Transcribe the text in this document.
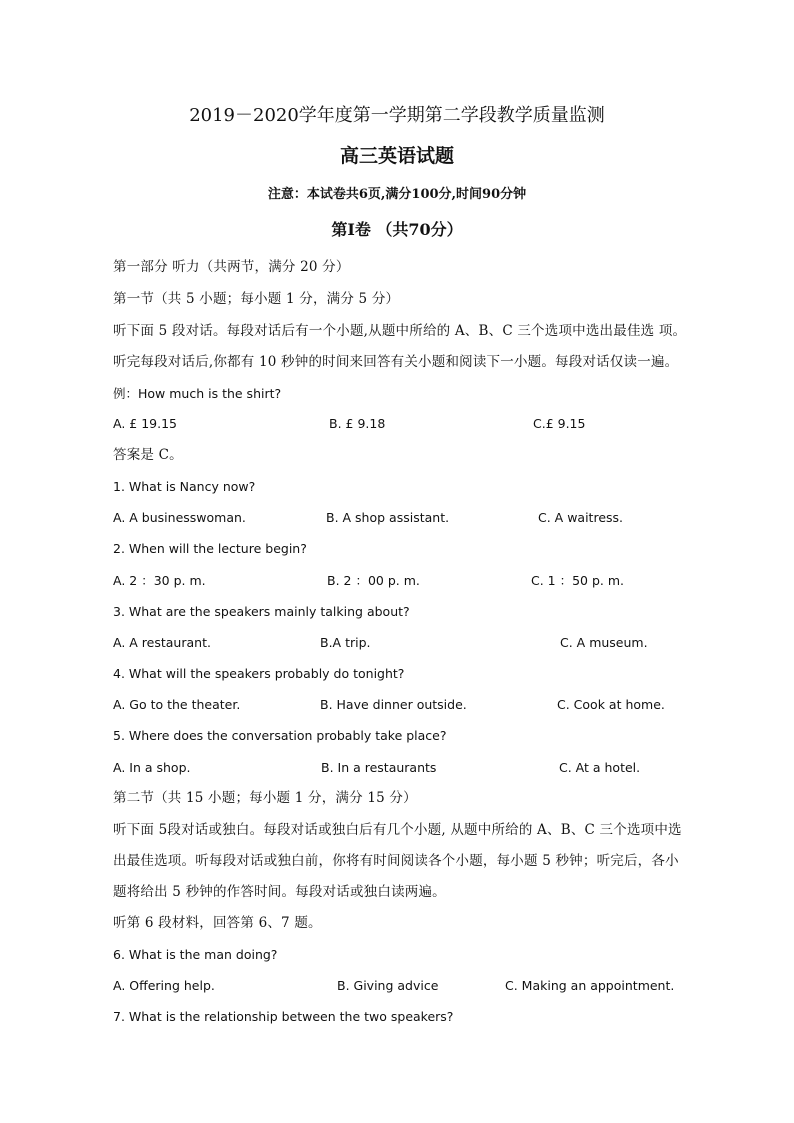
2019－2020学年度第一学期第二学段教学质量监测
高三英语试题
注意：本试卷共6页,满分100分,时间90分钟
第Ⅰ卷 （共70分）
第一部分 听力（共两节，满分 20 分）
第一节（共 5 小题；每小题 1 分，满分 5 分）
听下面 5 段对话。每段对话后有一个小题,从题中所给的 A、B、C 三个选项中选出最佳选 项。
听完每段对话后,你都有 10 秒钟的时间来回答有关小题和阅读下一小题。每段对话仅读一遍。
例：How much is the shirt?
A. £ 19.15	B. £ 9.18	C.£ 9.15
答案是 C。
1. What is Nancy now?
A. A businesswoman.	B. A shop assistant.	C. A waitress.
2. When will the lecture begin?
A. 2 ：30 p. m.	B. 2 ：00 p. m.	C. 1 ：50 p. m.
3. What are the speakers mainly talking about?
A. A restaurant.	B.A trip.	C. A museum.
4. What will the speakers probably do tonight?
A. Go to the theater.	B. Have dinner outside.	C. Cook at home.
5. Where does the conversation probably take place?
A. In a shop.	B. In a restaurants	C. At a hotel.
第二节（共 15 小题；每小题 1 分，满分 15 分）
听下面 5段对话或独白。每段对话或独白后有几个小题, 从题中所给的 A、B、C 三个选项中选
出最佳选项。听每段对话或独白前，你将有时间阅读各个小题，每小题 5 秒钟；听完后，各小
题将给出 5 秒钟的作答时间。每段对话或独白读两遍。
听第 6 段材料，回答第 6、7 题。
6. What is the man doing?
A. Offering help.	B. Giving advice	C. Making an appointment.
7. What is the relationship between the two speakers?
